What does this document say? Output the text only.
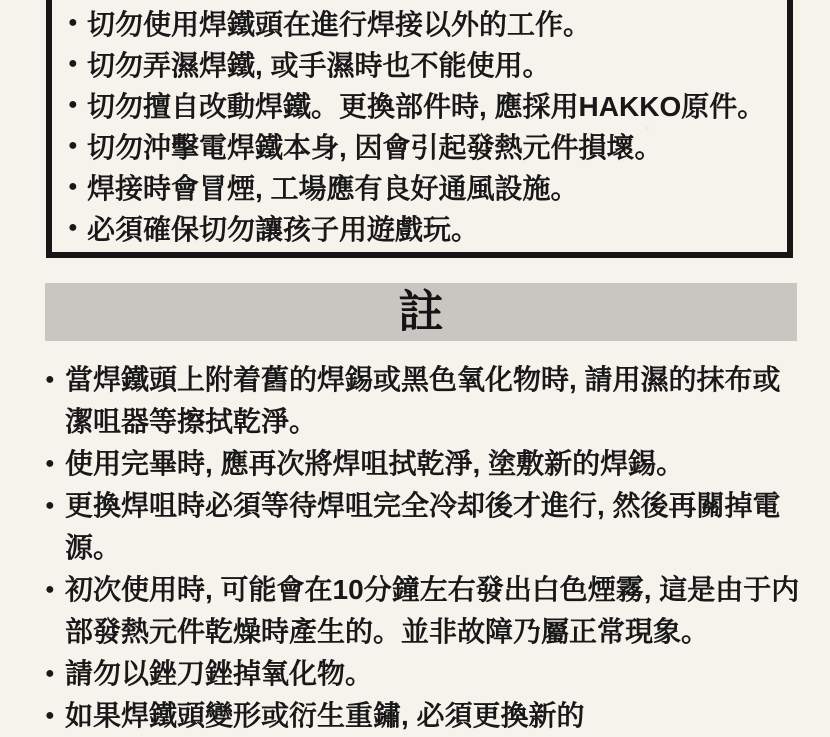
● 切勿使用焊鐵頭在進行焊接以外的工作。
● 切勿弄濕焊鐵, 或手濕時也不能使用。
● 切勿擅自改動焊鐵。更換部件時, 應採用HAKKO原件。
● 切勿沖擊電焊鐵本身, 因會引起發熱元件損壞。
● 焊接時會冒煙, 工場應有良好通風設施。
● 必須確保切勿讓孩子用遊戲玩。
註
● 當焊鐵頭上附着舊的焊錫或黑色氧化物時, 請用濕的抹布或潔咀器等擦拭乾淨。
● 使用完畢時, 應再次將焊咀拭乾淨, 塗敷新的焊錫。
● 更換焊咀時必須等待焊咀完全冷却後才進行, 然後再關掉電源。
● 初次使用時, 可能會在10分鐘左右發出白色煙霧, 這是由于内部發熱元件乾燥時產生的。並非故障乃屬正常現象。
● 請勿以銼刀銼掉氧化物。
● 如果焊鐵頭變形或衍生重鏽, 必須更換新的
